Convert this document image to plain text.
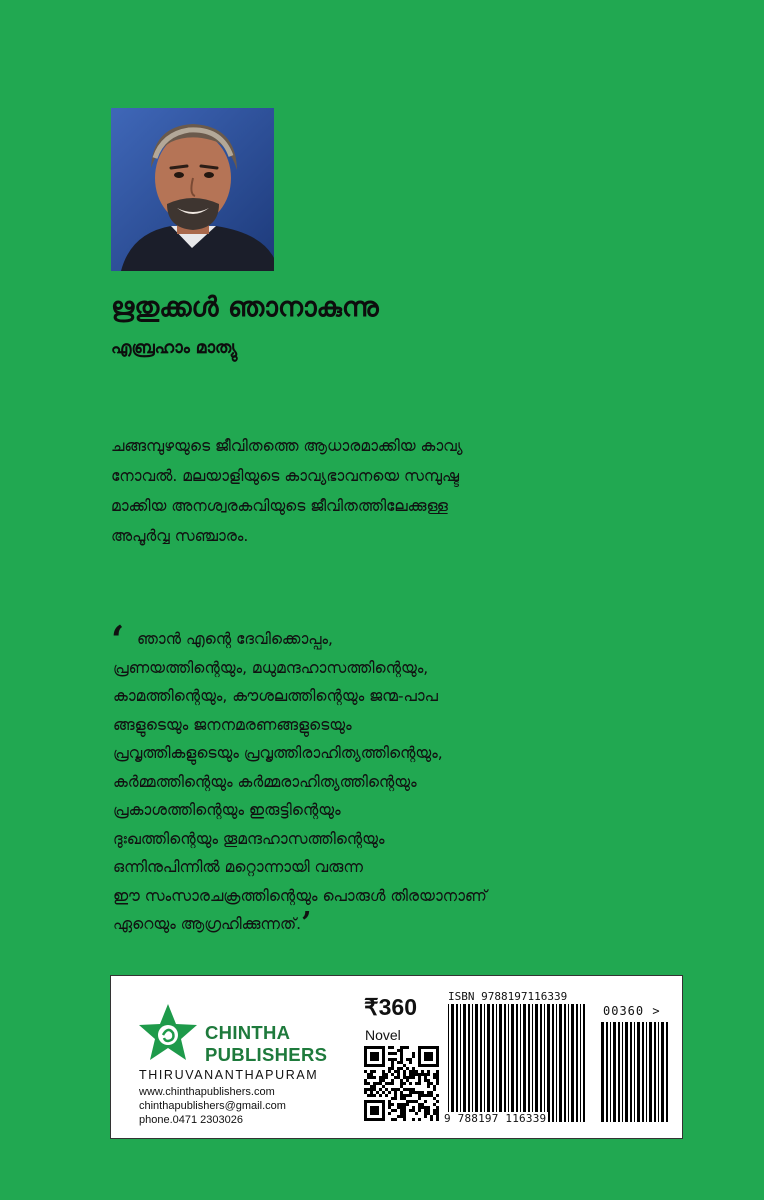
ഋതുക്കൾ ഞാനാകുന്നു
എബ്രഹാം മാത്യു

ചങ്ങമ്പുഴയുടെ ജീവിതത്തെ ആധാരമാക്കിയ കാവ്യ
നോവൽ. മലയാളിയുടെ കാവ്യഭാവനയെ സമ്പുഷ്ട
മാക്കിയ അനശ്വരകവിയുടെ ജീവിതത്തിലേക്കുള്ള
അപൂർവ്വ സഞ്ചാരം.

‘ ഞാൻ എന്റെ ദേവിക്കൊപ്പം,
പ്രണയത്തിന്റെയും, മധുമന്ദഹാസത്തിന്റെയും,
കാമത്തിന്റെയും, കൗശലത്തിന്റെയും ജന്മ-പാപ
ങ്ങളുടെയും ജനനമരണങ്ങളുടെയും
പ്രവൃത്തികളുടെയും പ്രവൃത്തിരാഹിത്യത്തിന്റെയും,
കർമ്മത്തിന്റെയും കർമ്മരാഹിത്യത്തിന്റെയും
പ്രകാശത്തിന്റെയും ഇരുട്ടിന്റെയും
ദുഃഖത്തിന്റെയും തൂമന്ദഹാസത്തിന്റെയും
ഒന്നിനുപിന്നിൽ മറ്റൊന്നായി വരുന്ന
ഈ സംസാരചക്രത്തിന്റെയും പൊരുൾ തിരയാനാണ്
ഏറെയും ആഗ്രഹിക്കുന്നത്.’
CHINTHA
PUBLISHERS
THIRUVANANTHAPURAM
www.chinthapublishers.com
chinthapublishers@gmail.com
phone.0471 2303026
₹360
Novel
ISBN 9788197116339
9 788197 116339
00360 >
